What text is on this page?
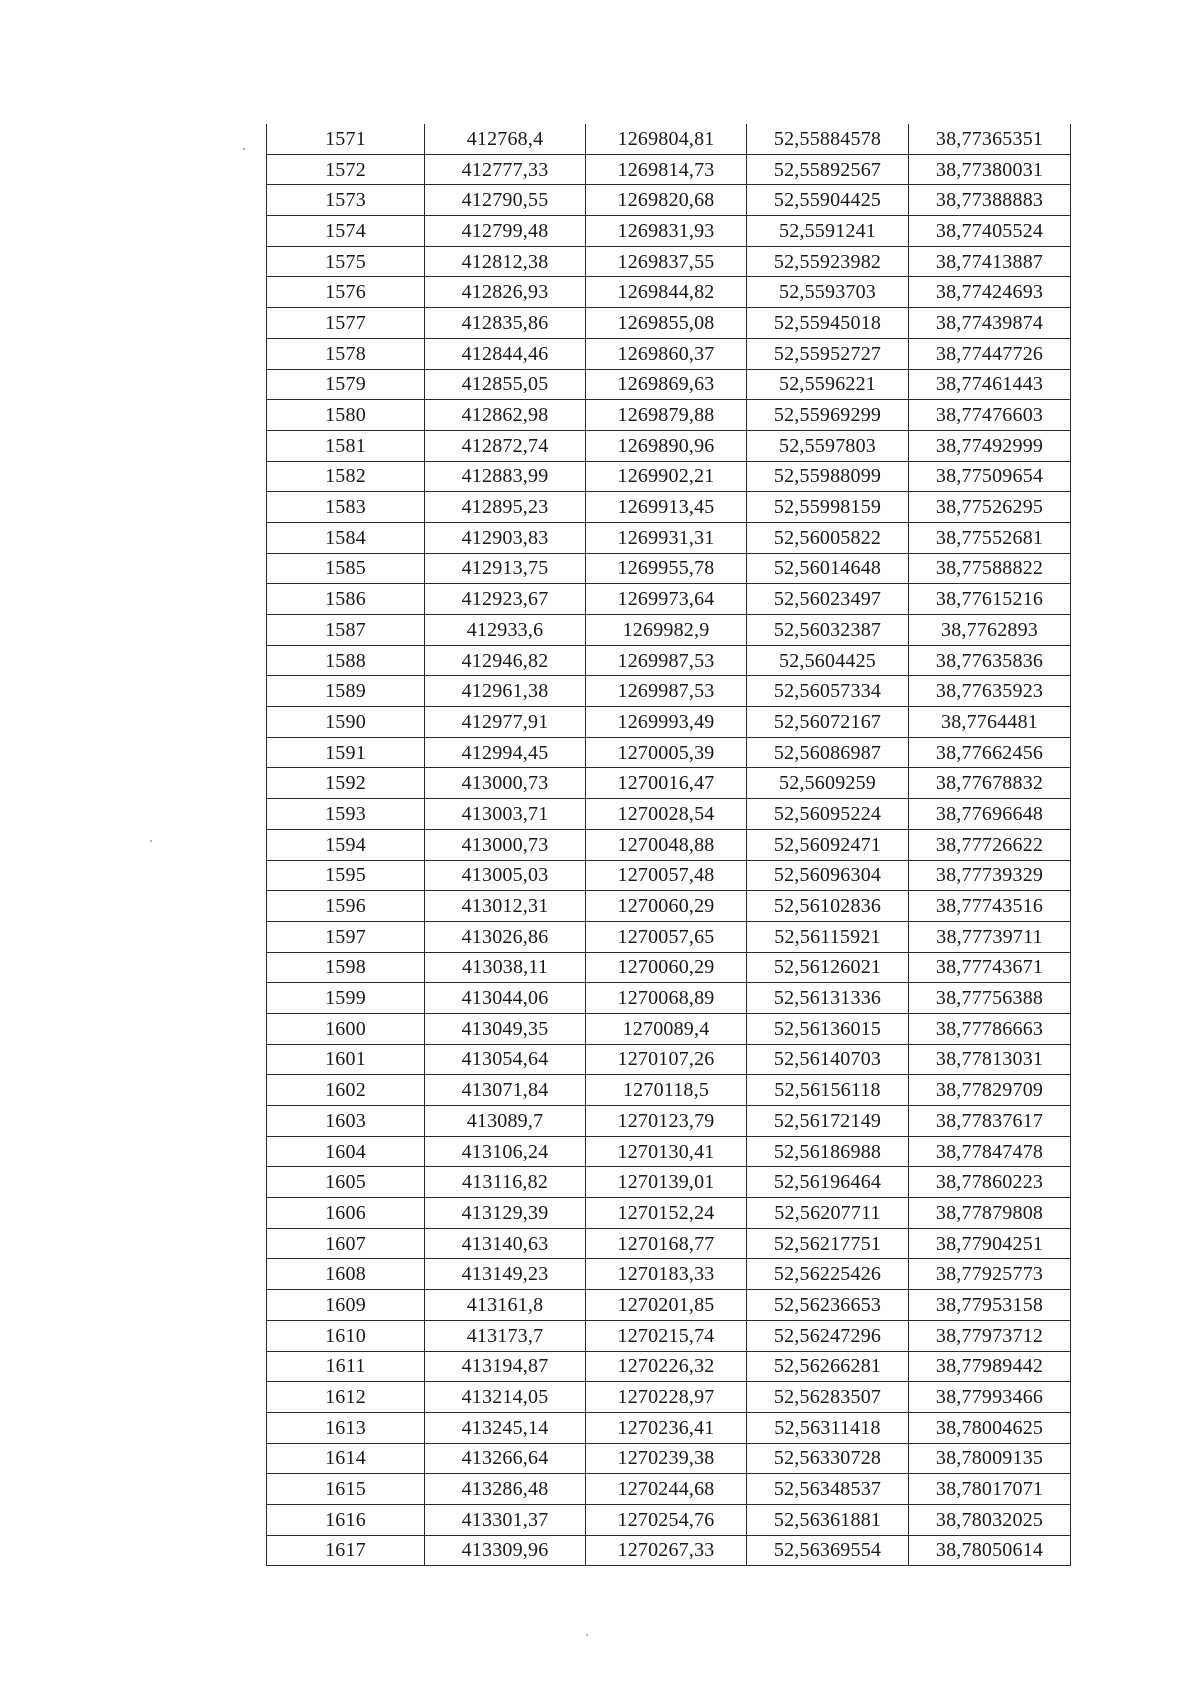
1571	412768,4	1269804,81	52,55884578	38,77365351
1572	412777,33	1269814,73	52,55892567	38,77380031
1573	412790,55	1269820,68	52,55904425	38,77388883
1574	412799,48	1269831,93	52,5591241	38,77405524
1575	412812,38	1269837,55	52,55923982	38,77413887
1576	412826,93	1269844,82	52,5593703	38,77424693
1577	412835,86	1269855,08	52,55945018	38,77439874
1578	412844,46	1269860,37	52,55952727	38,77447726
1579	412855,05	1269869,63	52,5596221	38,77461443
1580	412862,98	1269879,88	52,55969299	38,77476603
1581	412872,74	1269890,96	52,5597803	38,77492999
1582	412883,99	1269902,21	52,55988099	38,77509654
1583	412895,23	1269913,45	52,55998159	38,77526295
1584	412903,83	1269931,31	52,56005822	38,77552681
1585	412913,75	1269955,78	52,56014648	38,77588822
1586	412923,67	1269973,64	52,56023497	38,77615216
1587	412933,6	1269982,9	52,56032387	38,7762893
1588	412946,82	1269987,53	52,5604425	38,77635836
1589	412961,38	1269987,53	52,56057334	38,77635923
1590	412977,91	1269993,49	52,56072167	38,7764481
1591	412994,45	1270005,39	52,56086987	38,77662456
1592	413000,73	1270016,47	52,5609259	38,77678832
1593	413003,71	1270028,54	52,56095224	38,77696648
1594	413000,73	1270048,88	52,56092471	38,77726622
1595	413005,03	1270057,48	52,56096304	38,77739329
1596	413012,31	1270060,29	52,56102836	38,77743516
1597	413026,86	1270057,65	52,56115921	38,77739711
1598	413038,11	1270060,29	52,56126021	38,77743671
1599	413044,06	1270068,89	52,56131336	38,77756388
1600	413049,35	1270089,4	52,56136015	38,77786663
1601	413054,64	1270107,26	52,56140703	38,77813031
1602	413071,84	1270118,5	52,56156118	38,77829709
1603	413089,7	1270123,79	52,56172149	38,77837617
1604	413106,24	1270130,41	52,56186988	38,77847478
1605	413116,82	1270139,01	52,56196464	38,77860223
1606	413129,39	1270152,24	52,56207711	38,77879808
1607	413140,63	1270168,77	52,56217751	38,77904251
1608	413149,23	1270183,33	52,56225426	38,77925773
1609	413161,8	1270201,85	52,56236653	38,77953158
1610	413173,7	1270215,74	52,56247296	38,77973712
1611	413194,87	1270226,32	52,56266281	38,77989442
1612	413214,05	1270228,97	52,56283507	38,77993466
1613	413245,14	1270236,41	52,56311418	38,78004625
1614	413266,64	1270239,38	52,56330728	38,78009135
1615	413286,48	1270244,68	52,56348537	38,78017071
1616	413301,37	1270254,76	52,56361881	38,78032025
1617	413309,96	1270267,33	52,56369554	38,78050614
